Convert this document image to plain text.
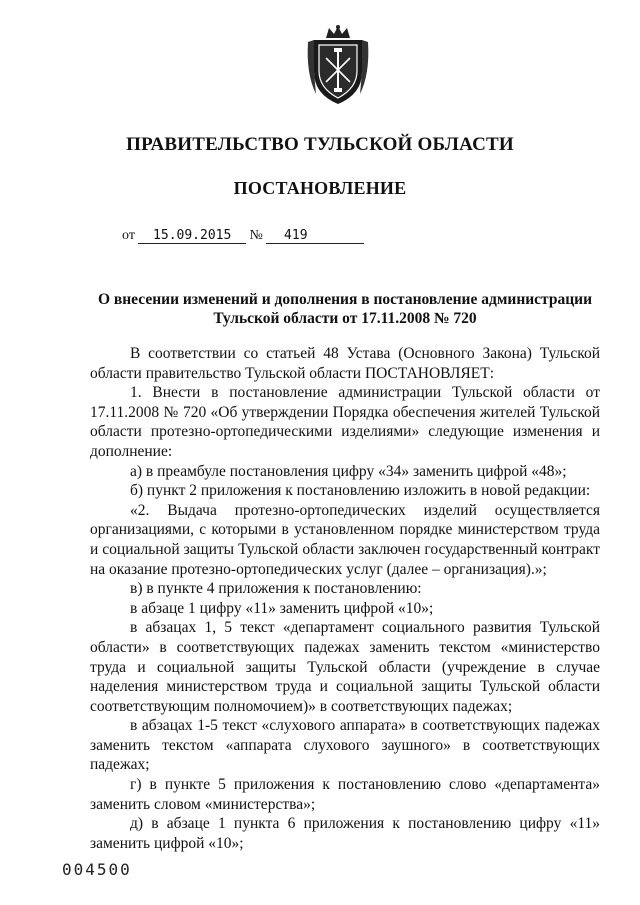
ПРАВИТЕЛЬСТВО ТУЛЬСКОЙ ОБЛАСТИ
ПОСТАНОВЛЕНИЕ
от 15.09.2015 № 419
О внесении изменений и дополнения в постановление администрации
Тульской области от 17.11.2008 № 720

В соответствии со статьей 48 Устава (Основного Закона) Тульской области правительство Тульской области ПОСТАНОВЛЯЕТ:

1. Внести в постановление администрации Тульской области от 17.11.2008 № 720 «Об утверждении Порядка обеспечения жителей Тульской области протезно-ортопедическими изделиями» следующие изменения и дополнение:

а) в преамбуле постановления цифру «34» заменить цифрой «48»;

б) пункт 2 приложения к постановлению изложить в новой редакции:

«2. Выдача протезно-ортопедических изделий осуществляется организациями, с которыми в установленном порядке министерством труда и социальной защиты Тульской области заключен государственный контракт на оказание протезно-ортопедических услуг (далее – организация).»;

в) в пункте 4 приложения к постановлению:

в абзаце 1 цифру «11» заменить цифрой «10»;

в абзацах 1, 5 текст «департамент социального развития Тульской области» в соответствующих падежах заменить текстом «министерство труда и социальной защиты Тульской области (учреждение в случае наделения министерством труда и социальной защиты Тульской области соответствующим полномочием)» в соответствующих падежах;

в абзацах 1-5 текст «слухового аппарата» в соответствующих падежах заменить текстом «аппарата слухового заушного» в соответствующих падежах;

г) в пункте 5 приложения к постановлению слово «департамента» заменить словом «министерства»;

д) в абзаце 1 пункта 6 приложения к постановлению цифру «11» заменить цифрой «10»;

004500
